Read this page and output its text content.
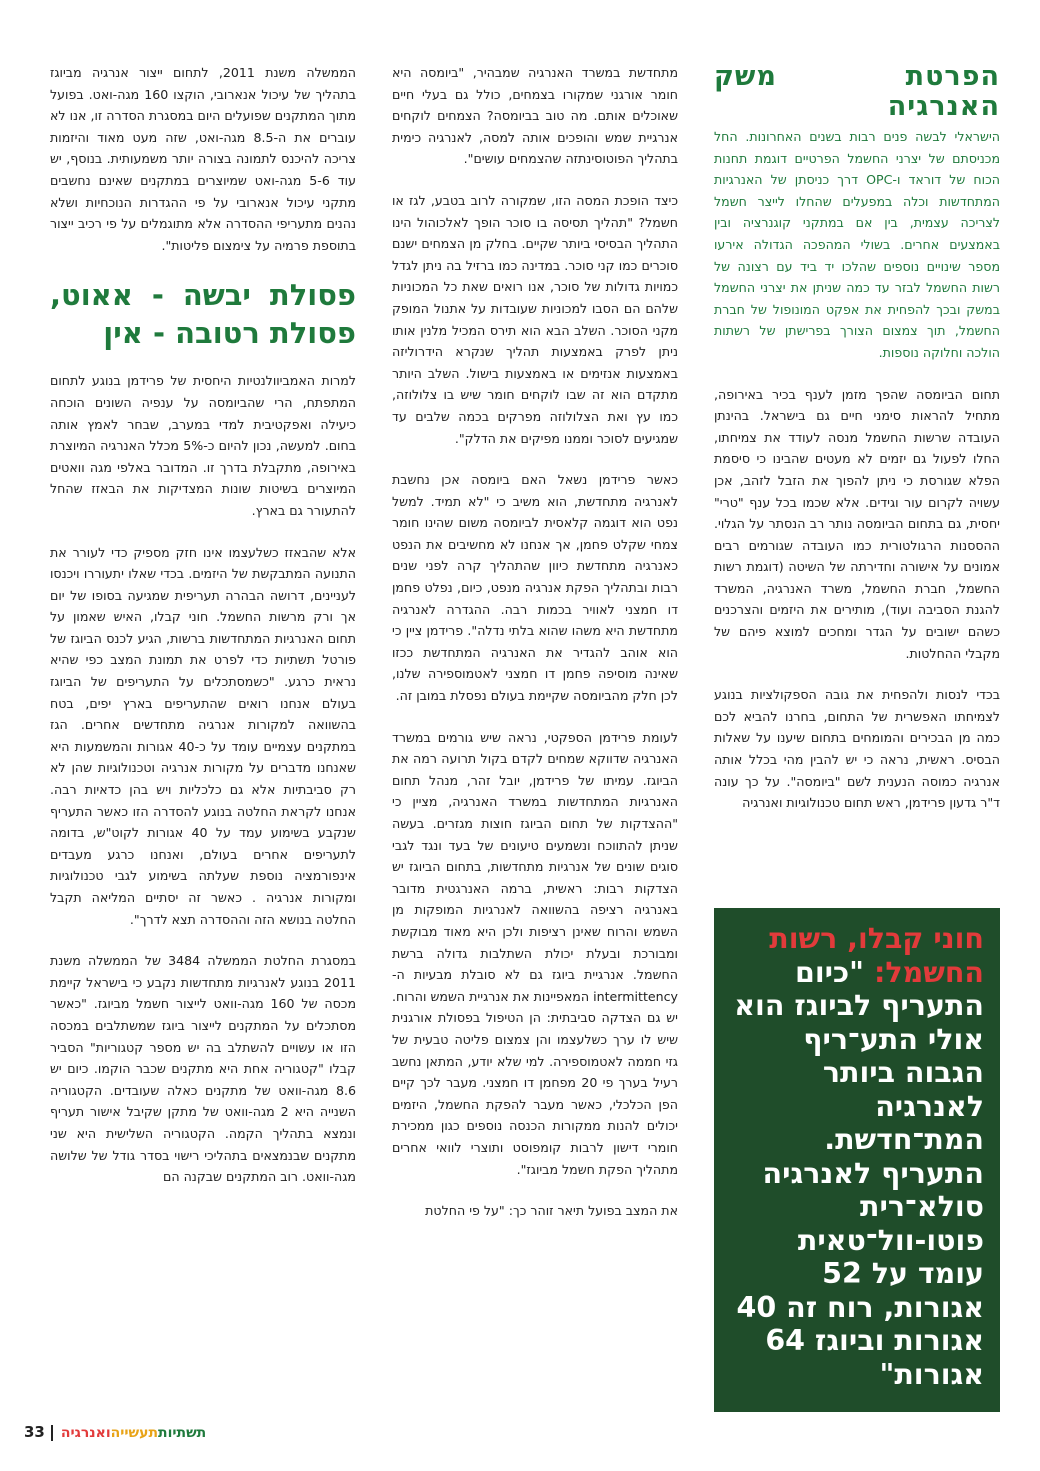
הפרטת משק האנרגיה

הישראלי לבשה פנים רבות בשנים האחרונות. החל מכניסתם של יצרני החשמל הפרטיים דוגמת תחנות הכוח של דוראד ו-OPC דרך כניסתן של האנרגיות המתחדשות וכלה במפעלים שהחלו לייצר חשמל לצריכה עצמית, בין אם במתקני קוגנרציה ובין באמצעים אחרים. בשולי המהפכה הגדולה אירעו מספר שינויים נוספים שהלכו יד ביד עם רצונה של רשות החשמל לבזר עד כמה שניתן את יצרני החשמל במשק ובכך להפחית את אפקט המונופול של חברת החשמל, תוך צמצום הצורך בפרישתן של רשתות הולכה וחלוקה נוספות.

תחום הביומסה שהפך מזמן לענף בכיר באירופה, מתחיל להראות סימני חיים גם בישראל. בהינתן העובדה שרשות החשמל מנסה לעודד את צמיחתו, החלו לפעול גם יזמים לא מעטים שהבינו כי סיסמת הפלא שגורסת כי ניתן להפוך את הזבל לזהב, אכן עשויה לקרום עור וגידים. אלא שכמו בכל ענף "טרי" יחסית, גם בתחום הביומסה נותר רב הנסתר על הגלוי. ההססנות הרגולטורית כמו העובדה שגורמים רבים אמונים על אישורה וחדירתה של השיטה (דוגמת רשות החשמל, חברת החשמל, משרד האנרגיה, המשרד להגנת הסביבה ועוד), מותירים את היזמים והצרכנים כשהם ישובים על הגדר ומחכים למוצא פיהם של מקבלי ההחלטות.

בכדי לנסות ולהפחית את גובה הספקולציות בנוגע לצמיחתו האפשרית של התחום, בחרנו להביא לכם כמה מן הבכירים והמומחים בתחום שיענו על שאלות הבסיס. ראשית, נראה כי יש להבין מהי בכלל אותה אנרגיה כמוסה הנענית לשם "ביומסה". על כך עונה ד"ר גדעון פרידמן, ראש תחום טכנולוגיות ואנרגיה

חוני קבלו, רשות החשמל: "כיום התעריף לביוגז הוא אולי התע־ריף הגבוה ביותר לאנרגיה המת־חדשת. התעריף לאנרגיה סולא־רית פוטו-וול־טאית עומד על 52 אגורות, רוח זה 40 אגורות וביוגז 64 אגורות"

מתחדשת במשרד האנרגיה שמבהיר, "ביומסה היא חומר אורגני שמקורו בצמחים, כולל גם בעלי חיים שאוכלים אותם. מה טוב בביומסה? הצמחים לוקחים אנרגיית שמש והופכים אותה למסה, לאנרגיה כימית בתהליך הפוטוסינתזה שהצמחים עושים".

כיצד הופכת המסה הזו, שמקורה לרוב בטבע, לגז או חשמל? "תהליך תסיסה בו סוכר הופך לאלכוהול הינו התהליך הבסיסי ביותר שקיים. בחלק מן הצמחים ישנם סוכרים כמו קני סוכר. במדינה כמו ברזיל בה ניתן לגדל כמויות גדולות של סוכר, אנו רואים שאת כל המכוניות שלהם הם הסבו למכוניות שעובדות על אתנול המופק מקני הסוכר. השלב הבא הוא תירס המכיל מלנין אותו ניתן לפרק באמצעות תהליך שנקרא הידרוליזה באמצעות אנזימים או באמצעות בישול. השלב היותר מתקדם הוא זה שבו לוקחים חומר שיש בו צלולוזה, כמו עץ ואת הצלולוזה מפרקים בכמה שלבים עד שמגיעים לסוכר וממנו מפיקים את הדלק".

כאשר פרידמן נשאל האם ביומסה אכן נחשבת לאנרגיה מתחדשת, הוא משיב כי "לא תמיד. למשל נפט הוא דוגמה קלאסית לביומסה משום שהינו חומר צמחי שקלט פחמן, אך אנחנו לא מחשיבים את הנפט כאנרגיה מתחדשת כיוון שהתהליך קרה לפני שנים רבות ובתהליך הפקת אנרגיה מנפט, כיום, נפלט פחמן דו חמצני לאוויר בכמות רבה. ההגדרה לאנרגיה מתחדשת היא משהו שהוא בלתי נדלה". פרידמן ציין כי הוא אוהב להגדיר את האנרגיה המתחדשת ככזו שאינה מוסיפה פחמן דו חמצני לאטמוספירה שלנו, לכן חלק מהביומסה שקיימת בעולם נפסלת במובן זה.

לעומת פרידמן הספקטי, נראה שיש גורמים במשרד האנרגיה שדווקא שמחים לקדם בקול תרועה רמה את הביוגז. עמיתו של פרידמן, יובל זהר, מנהל תחום האנרגיות המתחדשות במשרד האנרגיה, מציין כי "ההצדקות של תחום הביוגז חוצות מגזרים. בעשה שניתן להתווכח ונשמעים טיעונים של בעד ונגד לגבי סוגים שונים של אנרגיות מתחדשות, בתחום הביוגז יש הצדקות רבות: ראשית, ברמה האנרגטית מדובר באנרגיה רציפה בהשוואה לאנרגיות המופקות מן השמש והרוח שאינן רציפות ולכן היא מאוד מבוקשת ומבורכת ובעלת יכולת השתלבות גדולה ברשת החשמל. אנרגיית ביוגז גם לא סובלת מבעיות ה- intermittency המאפיינות את אנרגיית השמש והרוח. יש גם הצדקה סביבתית: הן הטיפול בפסולת אורגנית שיש לו ערך כשלעצמו והן צמצום פליטה טבעית של גזי חממה לאטמוספירה. למי שלא יודע, המתאן נחשב רעיל בערך פי 20 מפחמן דו חמצני. מעבר לכך קיים הפן הכלכלי, כאשר מעבר להפקת החשמל, היזמים יכולים להנות ממקורות הכנסה נוספים כגון ממכירת חומרי דישון לרבות קומפוסט ותוצרי לוואי אחרים מתהליך הפקת חשמל מביוגז".

את המצב בפועל תיאר זוהר כך: "על פי החלטת

הממשלה משנת 2011, לתחום ייצור אנרגיה מביוגז בתהליך של עיכול אנארובי, הוקצו 160 מגה-ואט. בפועל מתוך המתקנים שפועלים היום במסגרת הסדרה זו, אנו לא עוברים את ה-8.5 מגה-ואט, שזה מעט מאוד והיזמות צריכה להיכנס לתמונה בצורה יותר משמעותית. בנוסף, יש עוד 5-6 מגה-ואט שמיוצרים במתקנים שאינם נחשבים מתקני עיכול אנארובי על פי ההגדרות הנוכחיות ושלא נהנים מתעריפי ההסדרה אלא מתוגמלים על פי רכיב ייצור בתוספת פרמיה על צימצום פליטות".

פסולת יבשה - אאוט, פסולת רטובה - אין

למרות האמביוולנטיות היחסית של פרידמן בנוגע לתחום המתפתח, הרי שהביומסה על ענפיה השונים הוכחה כיעילה ואפקטיבית למדי במערב, שבחר לאמץ אותה בחום. למעשה, נכון להיום כ-5% מכלל האנרגיה המיוצרת באירופה, מתקבלת בדרך זו. המדובר באלפי מגה וואטים המיוצרים בשיטות שונות המצדיקות את הבאזז שהחל להתעורר גם בארץ.

אלא שהבאזז כשלעצמו אינו חזק מספיק כדי לעורר את התנועה המתבקשת של היזמים. בכדי שאלו יתעוררו ויכנסו לעניינים, דרושה הבהרה תעריפית שמגיעה בסופו של יום אך ורק מרשות החשמל. חוני קבלו, האיש שאמון על תחום האנרגיות המתחדשות ברשות, הגיע לכנס הביוגז של פורטל תשתיות כדי לפרט את תמונת המצב כפי שהיא נראית כרגע. "כשמסתכלים על התעריפים של הביוגז בעולם אנחנו רואים שהתעריפים בארץ יפים, בטח בהשוואה למקורות אנרגיה מתחדשים אחרים. הגז במתקנים עצמיים עומד על כ-40 אגורות והמשמעות היא שאנחנו מדברים על מקורות אנרגיה וטכנולוגיות שהן לא רק סביבתיות אלא גם כלכליות ויש בהן כדאיות רבה. אנחנו לקראת החלטה בנוגע להסדרה הזו כאשר התעריף שנקבע בשימוע עמד על 40 אגורות לקוט"ש, בדומה לתעריפים אחרים בעולם, ואנחנו כרגע מעבדים אינפורמציה נוספת שעלתה בשימוע לגבי טכנולוגיות ומקורות אנרגיה . כאשר זה יסתיים המליאה תקבל החלטה בנושא הזה וההסדרה תצא לדרך".

במסגרת החלטת הממשלה 3484 של הממשלה משנת 2011 בנוגע לאנרגיות מתחדשות נקבע כי בישראל קיימת מכסה של 160 מגה-וואט לייצור חשמל מביוגז. "כאשר מסתכלים על המתקנים לייצור ביוגז שמשתלבים במכסה הזו או עשויים להשתלב בה יש מספר קטגוריות" הסביר קבלו "קטגוריה אחת היא מתקנים שכבר הוקמו. כיום יש 8.6 מגה-וואט של מתקנים כאלה שעובדים. הקטגוריה השנייה היא 2 מגה-וואט של מתקן שקיבל אישור תעריף ונמצא בתהליך הקמה. הקטגוריה השלישית היא שני מתקנים שבנמצאים בתהליכי רישוי בסדר גודל של שלושה מגה-וואט. רוב המתקנים שבקנה הם

33	תשתיותתעשייהואנרגיה
